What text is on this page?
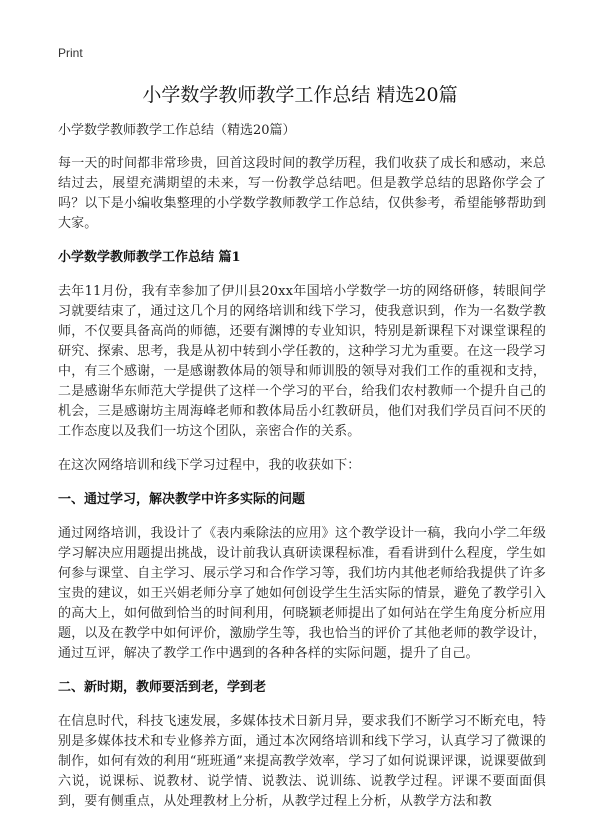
Print
小学数学教师教学工作总结 精选20篇
小学数学教师教学工作总结（精选20篇）

每一天的时间都非常珍贵，回首这段时间的教学历程，我们收获了成长和感动，来总结过去，展望充满期望的未来，写一份教学总结吧。但是教学总结的思路你学会了吗？以下是小编收集整理的小学数学教师教学工作总结，仅供参考，希望能够帮助到大家。

小学数学教师教学工作总结 篇1

去年11月份，我有幸参加了伊川县20xx年国培小学数学一坊的网络研修，转眼间学习就要结束了，通过这几个月的网络培训和线下学习，使我意识到，作为一名数学教师，不仅要具备高尚的师德，还要有渊博的专业知识，特别是新课程下对课堂课程的研究、探索、思考，我是从初中转到小学任教的，这种学习尤为重要。在这一段学习中，有三个感谢，一是感谢教体局的领导和师训股的领导对我们工作的重视和支持，二是感谢华东师范大学提供了这样一个学习的平台，给我们农村教师一个提升自己的机会，三是感谢坊主周海峰老师和教体局岳小红教研员，他们对我们学员百问不厌的工作态度以及我们一坊这个团队，亲密合作的关系。

在这次网络培训和线下学习过程中，我的收获如下：

一、通过学习，解决教学中许多实际的问题

通过网络培训，我设计了《表内乘除法的应用》这个教学设计一稿，我向小学二年级学习解决应用题提出挑战，设计前我认真研读课程标准，看看讲到什么程度，学生如何参与课堂、自主学习、展示学习和合作学习等，我们坊内其他老师给我提供了许多宝贵的建议，如王兴娟老师分享了她如何创设学生生活实际的情景，避免了教学引入的高大上，如何做到恰当的时间利用，何晓颖老师提出了如何站在学生角度分析应用题，以及在教学中如何评价，激励学生等，我也恰当的评价了其他老师的教学设计，通过互评，解决了教学工作中遇到的各种各样的实际问题，提升了自己。

二、新时期，教师要活到老，学到老

在信息时代，科技飞速发展，多媒体技术日新月异，要求我们不断学习不断充电，特别是多媒体技术和专业修养方面，通过本次网络培训和线下学习，认真学习了微课的制作，如何有效的利用“班班通”来提高教学效率，学习了如何说课评课，说课要做到六说，说课标、说教材、说学情、说教法、说训练、说教学过程。评课不要面面俱到，要有侧重点，从处理教材上分析，从教学过程上分析，从教学方法和教
